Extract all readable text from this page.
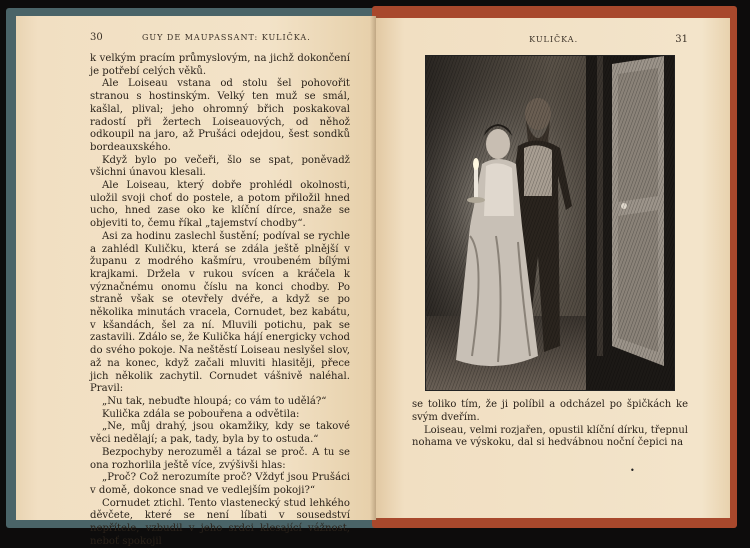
30	GUY DE MAUPASSANT: KULIČKA.

k velkým pracím průmyslovým, na jichž dokončení je potřebí celých věků.

Ale Loiseau vstana od stolu šel pohovořit stranou s hostinským. Velký ten muž se smál, kašlal, plival; jeho ohromný břich poskakoval radostí při žertech Loiseauových, od něhož odkoupil na jaro, až Prušáci odejdou, šest sondků bordeauxského.

Když bylo po večeři, šlo se spat, poněvadž všichni únavou klesali.

Ale Loiseau, který dobře prohlédl okolnosti, uložil svoji choť do postele, a potom přiložil hned ucho, hned zase oko ke klíční dírce, snaže se objeviti to, čemu říkal „tajemství chodby“.

Asi za hodinu zaslechl šustění; podíval se rychle a zahlédl Kuličku, která se zdála ještě plnější v županu z modrého kašmíru, vroubeném bílými krajkami. Držela v rukou svícen a kráčela k význačnému onomu číslu na konci chodby. Po straně však se otevřely dvéře, a když se po několika minutách vracela, Cornudet, bez kabátu, v kšandách, šel za ní. Mluvili potichu, pak se zastavili. Zdálo se, že Kulička hájí energicky vchod do svého pokoje. Na neštěstí Loiseau neslyšel slov, až na konec, když začali mluviti hlasitěji, přece jich několik zachytil. Cornudet vášnivě naléhal. Pravil:

„Nu tak, nebuďte hloupá; co vám to udělá?“

Kulička zdála se pobouřena a odvětila:

„Ne, můj drahý, jsou okamžiky, kdy se takové věci nedělají; a pak, tady, byla by to ostuda.“

Bezpochyby nerozuměl a tázal se proč. A tu se ona rozhorlila ještě více, zvýšivši hlas:

„Proč? Což nerozumíte proč? Vždyť jsou Prušáci v domě, dokonce snad ve vedlejším pokoji?“

Cornudet ztichl. Tento vlastenecký stud lehkého děvčete, které se není líbati v sousedství nepřítele, vzbudil v jeho srdci klesající vážnost, neboť spokojil

KULIČKA.	31

se toliko tím, že ji políbil a odcházel po špičkách ke svým dveřím.

Loiseau, velmi rozjařen, opustil klíční dírku, třepnul nohama ve výskoku, dal si hedvábnou noční čepici na

•
